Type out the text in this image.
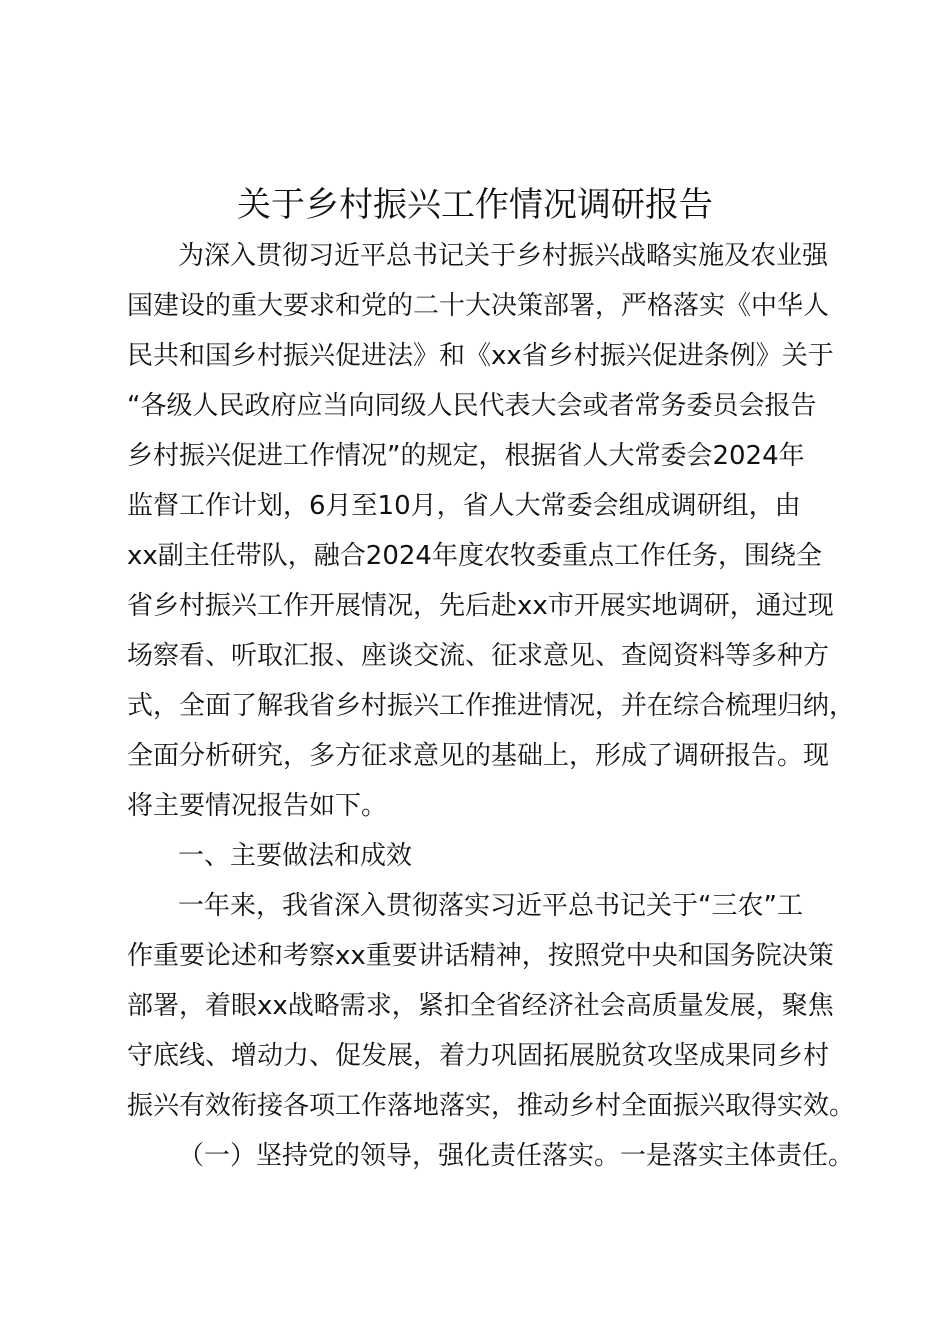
关于乡村振兴工作情况调研报告
为深入贯彻习近平总书记关于乡村振兴战略实施及农业强
国建设的重大要求和党的二十大决策部署，严格落实《中华人
民共和国乡村振兴促进法》和《xx省乡村振兴促进条例》关于
“各级人民政府应当向同级人民代表大会或者常务委员会报告
乡村振兴促进工作情况”的规定，根据省人大常委会2024年
监督工作计划，6月至10月，省人大常委会组成调研组，由
xx副主任带队，融合2024年度农牧委重点工作任务，围绕全
省乡村振兴工作开展情况，先后赴xx市开展实地调研，通过现
场察看、听取汇报、座谈交流、征求意见、查阅资料等多种方
式，全面了解我省乡村振兴工作推进情况，并在综合梳理归纳，
全面分析研究，多方征求意见的基础上，形成了调研报告。现
将主要情况报告如下。
一、主要做法和成效
一年来，我省深入贯彻落实习近平总书记关于“三农”工
作重要论述和考察xx重要讲话精神，按照党中央和国务院决策
部署，着眼xx战略需求，紧扣全省经济社会高质量发展，聚焦
守底线、增动力、促发展，着力巩固拓展脱贫攻坚成果同乡村
振兴有效衔接各项工作落地落实，推动乡村全面振兴取得实效。
（一）坚持党的领导，强化责任落实。一是落实主体责任。
